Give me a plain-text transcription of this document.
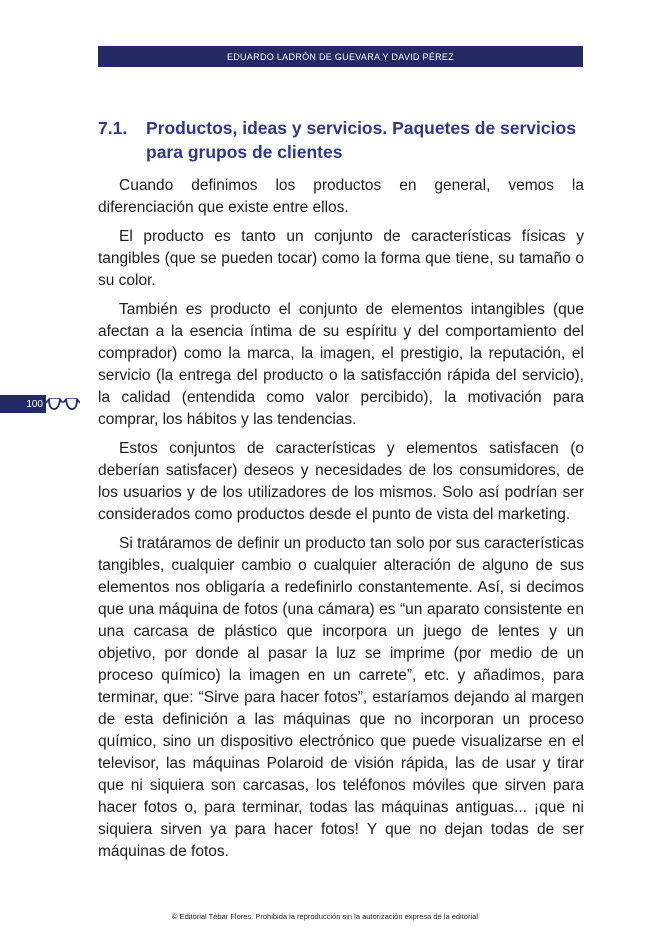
EDUARDO LADRÓN DE GUEVARA Y DAVID PÉREZ
7.1.	Productos, ideas y servicios. Paquetes de servicios para grupos de clientes

Cuando definimos los productos en general, vemos la diferenciación que existe entre ellos.

El producto es tanto un conjunto de características físicas y tangibles (que se pueden tocar) como la forma que tiene, su tamaño o su color.

También es producto el conjunto de elementos intangibles (que afectan a la esencia íntima de su espíritu y del comportamiento del comprador) como la marca, la imagen, el prestigio, la reputación, el servicio (la entrega del producto o la satisfacción rápida del servicio), la calidad (entendida como valor percibido), la motivación para comprar, los hábitos y las tendencias.

Estos conjuntos de características y elementos satisfacen (o deberían satisfacer) deseos y necesidades de los consumidores, de los usuarios y de los utilizadores de los mismos. Solo así podrían ser considerados como productos desde el punto de vista del marketing.

Si tratáramos de definir un producto tan solo por sus características tangibles, cualquier cambio o cualquier alteración de alguno de sus elementos nos obligaría a redefinirlo constantemente. Así, si decimos que una máquina de fotos (una cámara) es “un aparato consistente en una carcasa de plástico que incorpora un juego de lentes y un objetivo, por donde al pasar la luz se imprime (por medio de un proceso químico) la imagen en un carrete”, etc. y añadimos, para terminar, que: “Sirve para hacer fotos”, estaríamos dejando al margen de esta definición a las máquinas que no incorporan un proceso químico, sino un dispositivo electrónico que puede visualizarse en el televisor, las máquinas Polaroid de visión rápida, las de usar y tirar que ni siquiera son carcasas, los teléfonos móviles que sirven para hacer fotos o, para terminar, todas las máquinas antiguas... ¡que ni siquiera sirven ya para hacer fotos! Y que no dejan todas de ser máquinas de fotos.

100
© Editorial Tébar Flores. Prohibida la reproducción sin la autorización expresa de la editorial
